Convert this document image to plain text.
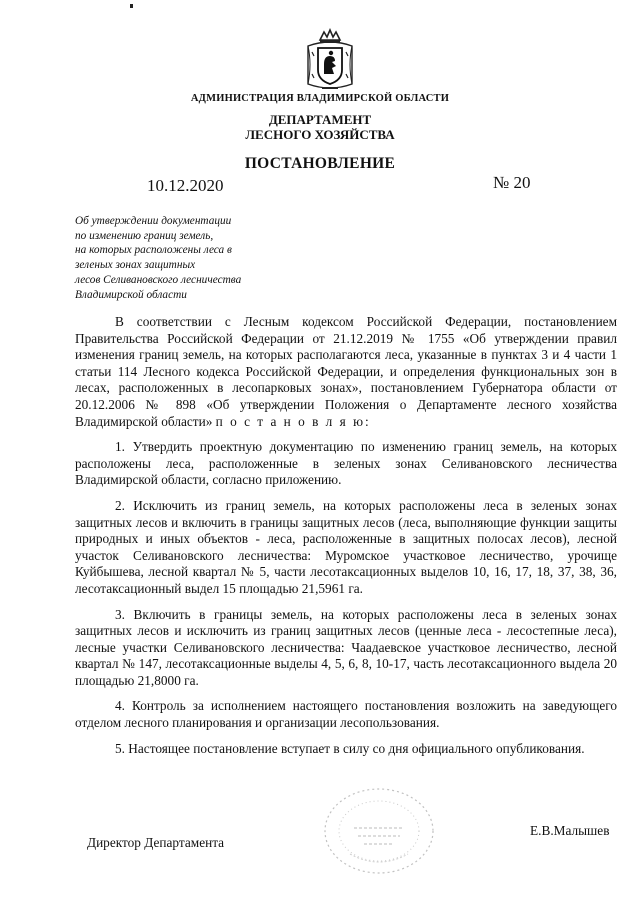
АДМИНИСТРАЦИЯ ВЛАДИМИРСКОЙ ОБЛАСТИ
ДЕПАРТАМЕНТ
ЛЕСНОГО ХОЗЯЙСТВА
ПОСТАНОВЛЕНИЕ
10.12.2020	№ 20
Об утверждении документации
по изменению границ земель,
на которых расположены леса в
зеленых зонах защитных
лесов Селивановского лесничества
Владимирской области

В соответствии с Лесным кодексом Российской Федерации, постановлением Правительства Российской Федерации от 21.12.2019 № 1755 «Об утверждении правил изменения границ земель, на которых располагаются леса, указанные в пунктах 3 и 4 части 1 статьи 114 Лесного кодекса Российской Федерации, и определения функциональных зон в лесах, расположенных в лесопарковых зонах», постановлением Губернатора области от 20.12.2006 № 898 «Об утверждении Положения о Департаменте лесного хозяйства Владимирской области» п о с т а н о в л я ю:

1. Утвердить проектную документацию по изменению границ земель, на которых расположены леса, расположенные в зеленых зонах Селивановского лесничества Владимирской области, согласно приложению.

2. Исключить из границ земель, на которых расположены леса в зеленых зонах защитных лесов и включить в границы защитных лесов (леса, выполняющие функции защиты природных и иных объектов - леса, расположенные в защитных полосах лесов), лесной участок Селивановского лесничества: Муромское участковое лесничество, урочище Куйбышева, лесной квартал № 5, части лесотаксационных выделов 10, 16, 17, 18, 37, 38, 36, лесотаксационный выдел 15 площадью 21,5961 га.

3. Включить в границы земель, на которых расположены леса в зеленых зонах защитных лесов и исключить из границ защитных лесов (ценные леса - лесостепные леса), лесные участки Селивановского лесничества: Чаадаевское участковое лесничество, лесной квартал № 147, лесотаксационные выделы 4, 5, 6, 8, 10-17, часть лесотаксационного выдела 20 площадью 21,8000 га.

4. Контроль за исполнением настоящего постановления возложить на заведующего отделом лесного планирования и организации лесопользования.

5. Настоящее постановление вступает в силу со дня официального опубликования.

Директор Департамента
Е.В.Малышев
